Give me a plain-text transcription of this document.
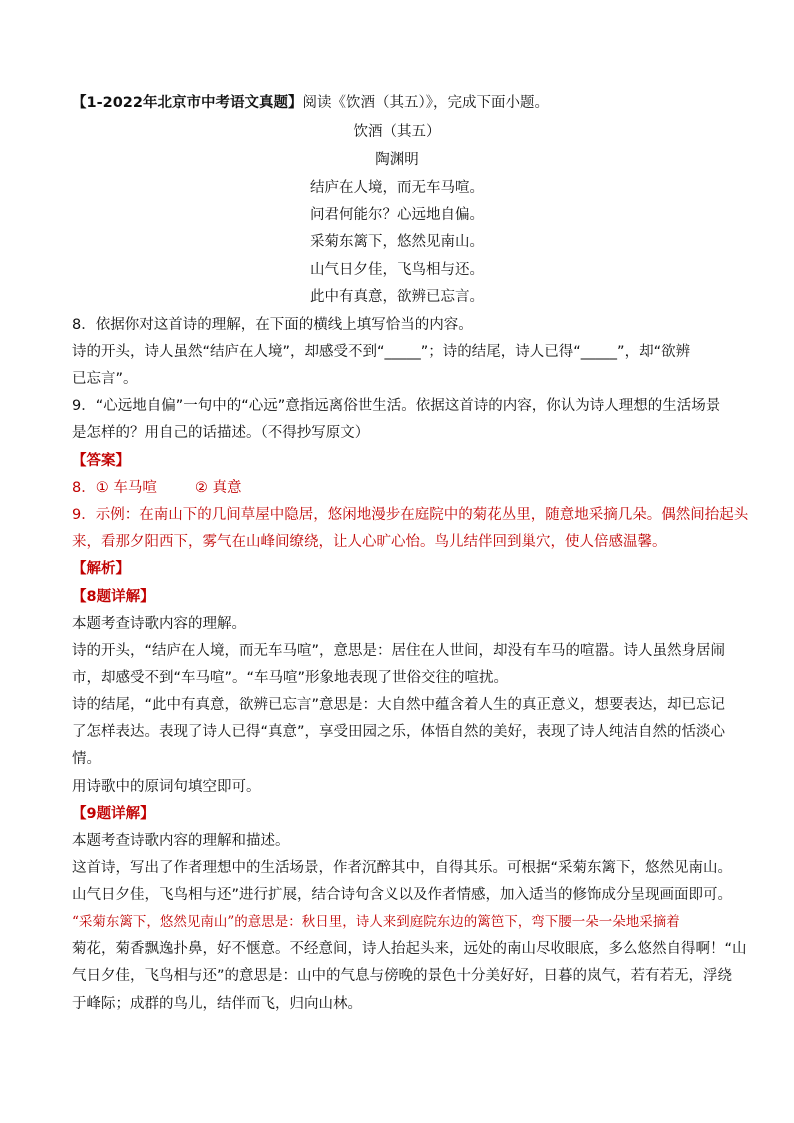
【1-2022年北京市中考语文真题】阅读《饮酒（其五）》，完成下面小题。
饮酒（其五）
陶渊明
结庐在人境，而无车马喧。
问君何能尔？心远地自偏。
采菊东篱下，悠然见南山。
山气日夕佳，飞鸟相与还。
此中有真意，欲辨已忘言。
8．依据你对这首诗的理解，在下面的横线上填写恰当的内容。
诗的开头，诗人虽然“结庐在人境”，却感受不到“_____”；诗的结尾，诗人已得“_____”，却“欲辨
已忘言”。
9．“心远地自偏”一句中的“心远”意指远离俗世生活。依据这首诗的内容，你认为诗人理想的生活场景
是怎样的？用自己的话描述。（不得抄写原文）
【答案】
8．① 车马喧	② 真意
9．示例：在南山下的几间草屋中隐居，悠闲地漫步在庭院中的菊花丛里，随意地采摘几朵。偶然间抬起头
来，看那夕阳西下，雾气在山峰间缭绕，让人心旷心怡。鸟儿结伴回到巢穴，使人倍感温馨。
【解析】
【8题详解】
本题考查诗歌内容的理解。
诗的开头，“结庐在人境，而无车马喧”，意思是：居住在人世间，却没有车马的喧嚣。诗人虽然身居闹
市，却感受不到“车马喧”。“车马喧”形象地表现了世俗交往的喧扰。
诗的结尾，“此中有真意，欲辨已忘言”意思是：大自然中蕴含着人生的真正意义，想要表达，却已忘记
了怎样表达。表现了诗人已得“真意”，享受田园之乐，体悟自然的美好，表现了诗人纯洁自然的恬淡心
情。
用诗歌中的原词句填空即可。
【9题详解】
本题考查诗歌内容的理解和描述。
这首诗，写出了作者理想中的生活场景，作者沉醉其中，自得其乐。可根据“采菊东篱下，悠然见南山。
山气日夕佳，飞鸟相与还”进行扩展，结合诗句含义以及作者情感，加入适当的修饰成分呈现画面即可。
“采菊东篱下，悠然见南山”的意思是：秋日里，诗人来到庭院东边的篱笆下，弯下腰一朵一朵地采摘着
菊花，菊香飘逸扑鼻，好不惬意。不经意间，诗人抬起头来，远处的南山尽收眼底，多么悠然自得啊！“山
气日夕佳，飞鸟相与还”的意思是：山中的气息与傍晚的景色十分美好好，日暮的岚气，若有若无，浮绕
于峰际；成群的鸟儿，结伴而飞，归向山林。
